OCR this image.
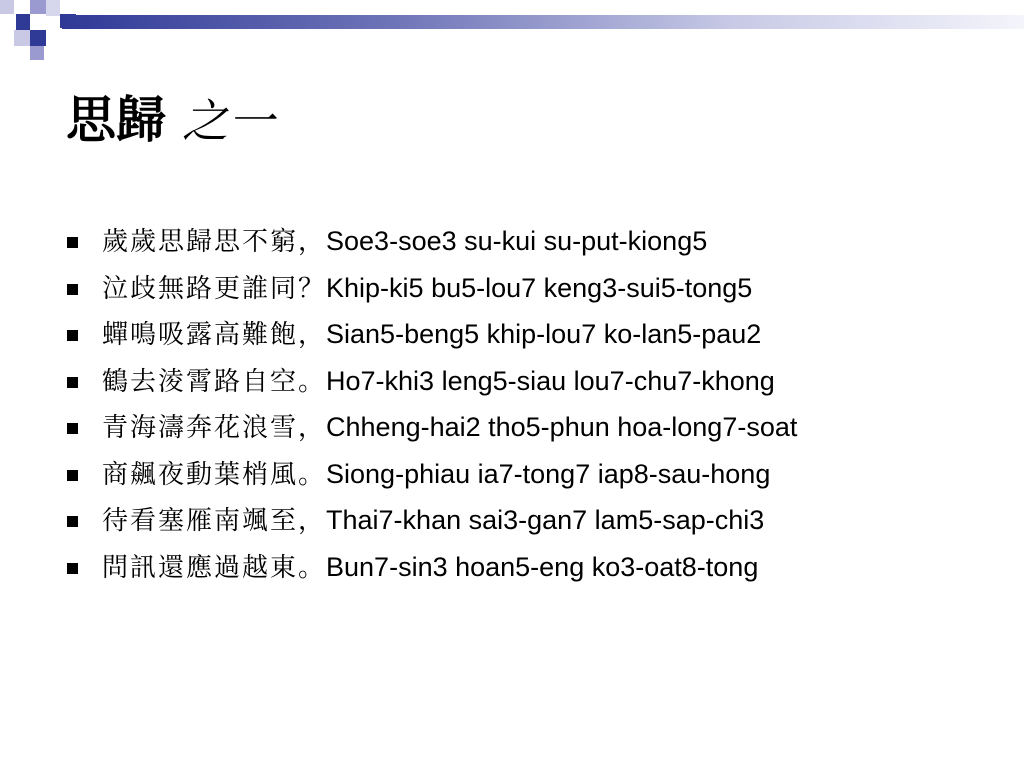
思歸 之一
歲歲思歸思不窮，Soe3-soe3 su-kui su-put-kiong5
泣歧無路更誰同？Khip-ki5 bu5-lou7 keng3-sui5-tong5
蟬鳴吸露高難飽，Sian5-beng5 khip-lou7 ko-lan5-pau2
鶴去淩霄路自空。Ho7-khi3 leng5-siau lou7-chu7-khong
青海濤奔花浪雪，Chheng-hai2 tho5-phun hoa-long7-soat
商飆夜動葉梢風。Siong-phiau ia7-tong7 iap8-sau-hong
待看塞雁南颯至，Thai7-khan sai3-gan7 lam5-sap-chi3
問訊還應過越東。Bun7-sin3 hoan5-eng ko3-oat8-tong
